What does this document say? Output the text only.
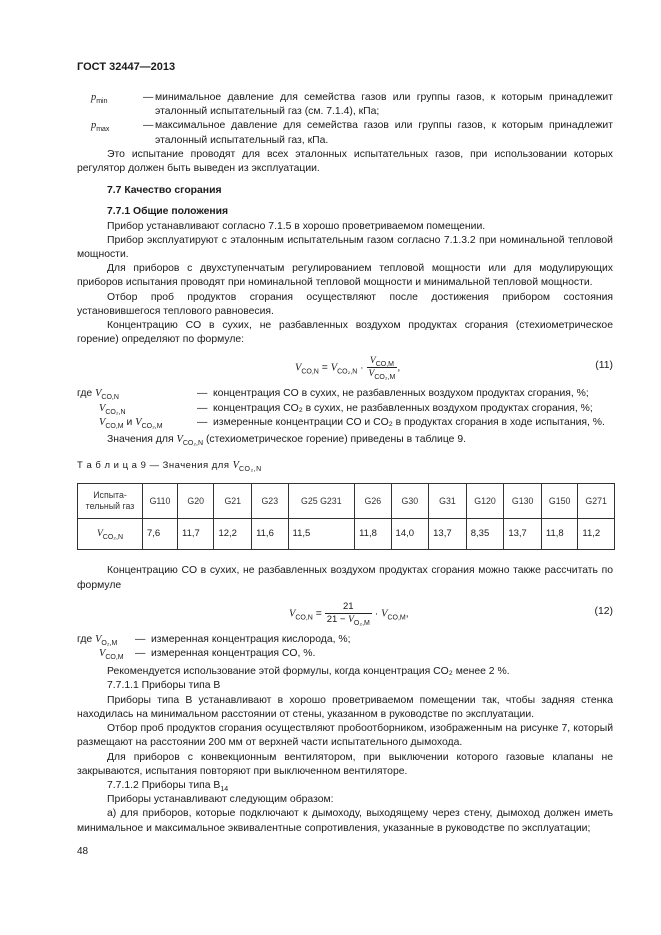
ГОСТ 32447—2013
$p_{min}$	— минимальное давление для семейства газов или группы газов, к которым принадлежит эталонный испытательный газ (см. 7.1.4), кПа;
$p_{max}$	— максимальное давление для семейства газов или группы газов, к которым принадлежит эталонный испытательный газ, кПа.

Это испытание проводят для всех эталонных испытательных газов, при использовании которых регулятор должен быть выведен из эксплуатации.

7.7 Качество сгорания
7.7.1 Общие положения

Прибор устанавливают согласно 7.1.5 в хорошо проветриваемом помещении.

Прибор эксплуатируют с эталонным испытательным газом согласно 7.1.3.2 при номинальной тепловой мощности.

Для приборов с двухступенчатым регулированием тепловой мощности или для модулирующих приборов испытания проводят при номинальной тепловой мощности и минимальной тепловой мощности.

Отбор проб продуктов сгорания осуществляют после достижения прибором состояния установившегося теплового равновесия.

Концентрацию CO в сухих, не разбавленных воздухом продуктах сгорания (стехиометрическое горение) определяют по формуле:

$V_{CO,N} = V_{CO_2,N} \cdot \frac{V_{CO,M}}{V_{CO_2,M}}$ ,	(11)
где $V_{CO,N}$	— концентрация CO в сухих, не разбавленных воздухом продуктах сгорания, %;
$V_{CO_2,N}$	— концентрация CO₂ в сухих, не разбавленных воздухом продуктах сгорания, %;
$V_{CO,M}$ и $V_{CO_2,M}$	— измеренные концентрации CO и CO₂ в продуктах сгорания в ходе испытания, %.

Значения для $V_{CO_2,N}$ (стехиометрическое горение) приведены в таблице 9.

Т а б л и ц а 9 — Значения для $V_{CO_2,N}$
Испыта-тельный газ	G110	G20	G21	G23	G25 G231	G26	G30	G31	G120	G130	G150	G271
$V_{CO_2,N}$	7,6	11,7	12,2	11,6	11,5	11,8	14,0	13,7	8,35	13,7	11,8	11,2

Концентрацию CO в сухих, не разбавленных воздухом продуктах сгорания можно также рассчитать по формуле

$V_{CO,N} = \frac{21}{21 - V_{O_2,M}} \cdot V_{CO,M}$,	(12)
где $V_{O_2,M}$	— измеренная концентрация кислорода, %;
$V_{CO,M}$	— измеренная концентрация CO, %.

Рекомендуется использование этой формулы, когда концентрация CO₂ менее 2 %.

7.7.1.1 Приборы типа B

Приборы типа B устанавливают в хорошо проветриваемом помещении так, чтобы задняя стенка находилась на минимальном расстоянии от стены, указанном в руководстве по эксплуатации.

Отбор проб продуктов сгорания осуществляют пробоотборником, изображенным на рисунке 7, который размещают на расстоянии 200 мм от верхней части испытательного дымохода.

Для приборов с конвекционным вентилятором, при выключении которого газовые клапаны не закрываются, испытания повторяют при выключенном вентиляторе.

7.7.1.2 Приборы типа $B_{14}$

Приборы устанавливают следующим образом:

а) для приборов, которые подключают к дымоходу, выходящему через стену, дымоход должен иметь минимальное и максимальное эквивалентные сопротивления, указанные в руководстве по эксплуатации;

48
